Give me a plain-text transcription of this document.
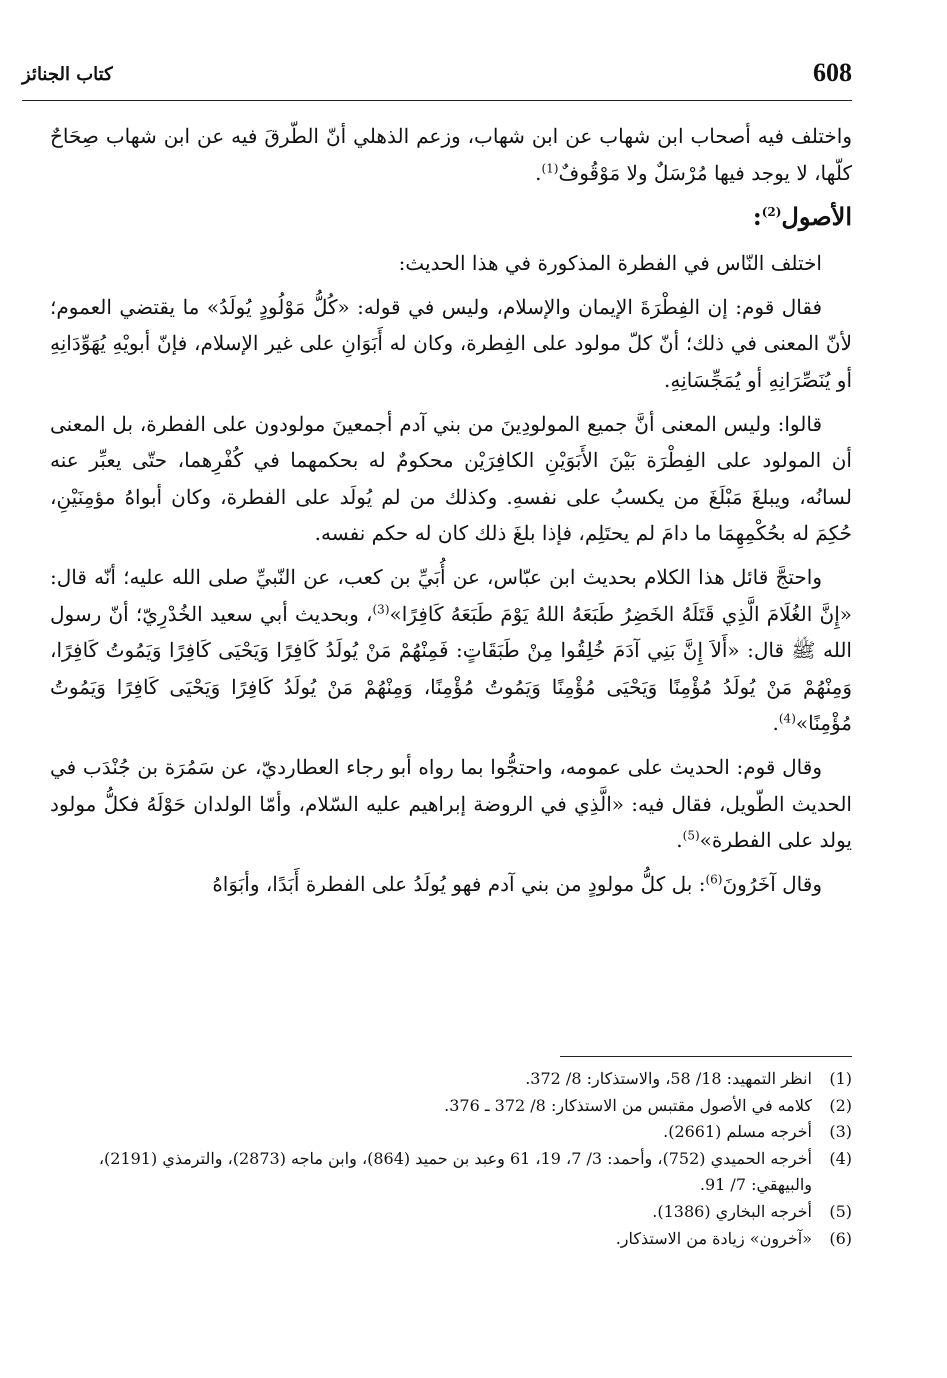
608
كتاب الجنائز

واختلف فيه أصحاب ابن شهاب عن ابن شهاب، وزعم الذهلي أنّ الطّرقَ فيه عن ابن شهاب صِحَاحٌ كلّها، لا يوجد فيها مُرْسَلٌ ولا مَوْقُوفٌ$^{(1)}$.

الأصول$^{(2)}$:

اختلف النّاس في الفطرة المذكورة في هذا الحديث:

فقال قوم: إن الفِطْرَةَ الإيمان والإسلام، وليس في قوله: «كُلُّ مَوْلُودٍ يُولَدُ» ما يقتضي العموم؛ لأنّ المعنى في ذلك؛ أنّ كلّ مولود على الفِطرة، وكان له أَبَوَانِ على غير الإسلام، فإنّ أبويْهِ يُهَوِّدَانِهِ أو يُنَصِّرَانِهِ أو يُمَجِّسَانِهِ.

قالوا: وليس المعنى أنَّ جميع المولودِينَ من بني آدم أجمعينَ مولودون على الفطرة، بل المعنى أن المولود على الفِطْرَة بَيْنَ الأَبَوَيْنِ الكافِرَيْن محكومٌ له بحكمهما في كُفْرِهما، حتّى يعبِّر عنه لسانُه، ويبلغَ مَبْلَغَ من يكسبُ على نفسهِ. وكذلك من لم يُولَد على الفطرة، وكان أبواهُ مؤمِنَيْنِ، حُكِمَ له بحُكْمِهِمَا ما دامَ لم يحتَلِم، فإذا بلغَ ذلك كان له حكم نفسه.

واحتجَّ قائل هذا الكلام بحديث ابن عبّاس، عن أُبَيِّ بن كعب، عن النّبيِّ صلى الله عليه؛ أنّه قال: «إِنَّ الغُلَامَ الَّذِي قَتَلَهُ الخَضِرُ طَبَعَهُ اللهُ يَوْمَ طَبَعَهُ كَافِرًا»$^{(3)}$، وبحديث أبي سعيد الخُدْرِيّ؛ أنّ رسول الله ﷺ قال: «أَلاَ إِنَّ بَنِي آدَمَ خُلِقُوا مِنْ طَبَقَاتٍ: فَمِنْهُمْ مَنْ يُولَدُ كَافِرًا وَيَحْيَى كَافِرًا وَيَمُوتُ كَافِرًا، وَمِنْهُمْ مَنْ يُولَدُ مُؤْمِنًا وَيَحْيَى مُؤْمِنًا وَيَمُوتُ مُؤْمِنًا، وَمِنْهُمْ مَنْ يُولَدُ كَافِرًا وَيَحْيَى كَافِرًا وَيَمُوتُ مُؤْمِنًا»$^{(4)}$.

وقال قوم: الحديث على عمومه، واحتجُّوا بما رواه أبو رجاء العطارديّ، عن سَمُرَة بن جُنْدَب في الحديث الطّويل، فقال فيه: «الَّذِي في الروضة إبراهيم عليه السّلام، وأمّا الولدان حَوْلَهُ فكلُّ مولود يولد على الفطرة»$^{(5)}$.

وقال آخَرُونَ$^{(6)}$: بل كلُّ مولودٍ من بني آدم فهو يُولَدُ على الفطرة أَبَدًا، وأبَوَاهُ

(1)
انظر التمهيد: 18/ 58، والاستذكار: 8/ 372.
(2)
كلامه في الأصول مقتبس من الاستذكار: 8/ 372 ـ 376.
(3)
أخرجه مسلم (2661).
(4)
أخرجه الحميدي (752)، وأحمد: 3/ 7، 19، 61 وعبد بن حميد (864)، وابن ماجه (2873)، والترمذي (2191)، والبيهقي: 7/ 91.
(5)
أخرجه البخاري (1386).
(6)
«آخرون» زيادة من الاستذكار.
